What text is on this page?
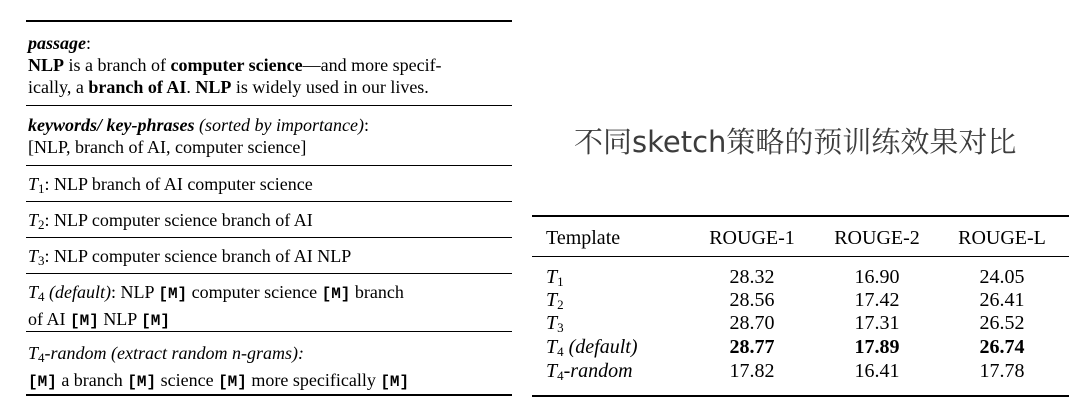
passage:
NLP is a branch of computer science—and more specif-
ically, a branch of AI. NLP is widely used in our lives.
keywords/ key-phrases (sorted by importance):
[NLP, branch of AI, computer science]
$T_1$: NLP branch of AI computer science
$T_2$: NLP computer science branch of AI
$T_3$: NLP computer science branch of AI NLP
$T_4$ (default): NLP [M] computer science [M] branch
of AI [M] NLP [M]
$T_4$-random (extract random n-grams):
[M] a branch [M] science [M] more specifically [M]
不同sketch策略的预训练效果对比
Template	ROUGE-1	ROUGE-2	ROUGE-L
$T_1$	28.32	16.90	24.05
$T_2$	28.56	17.42	26.41
$T_3$	28.70	17.31	26.52
$T_4$ (default)	28.77	17.89	26.74
$T_4$-random	17.82	16.41	17.78
